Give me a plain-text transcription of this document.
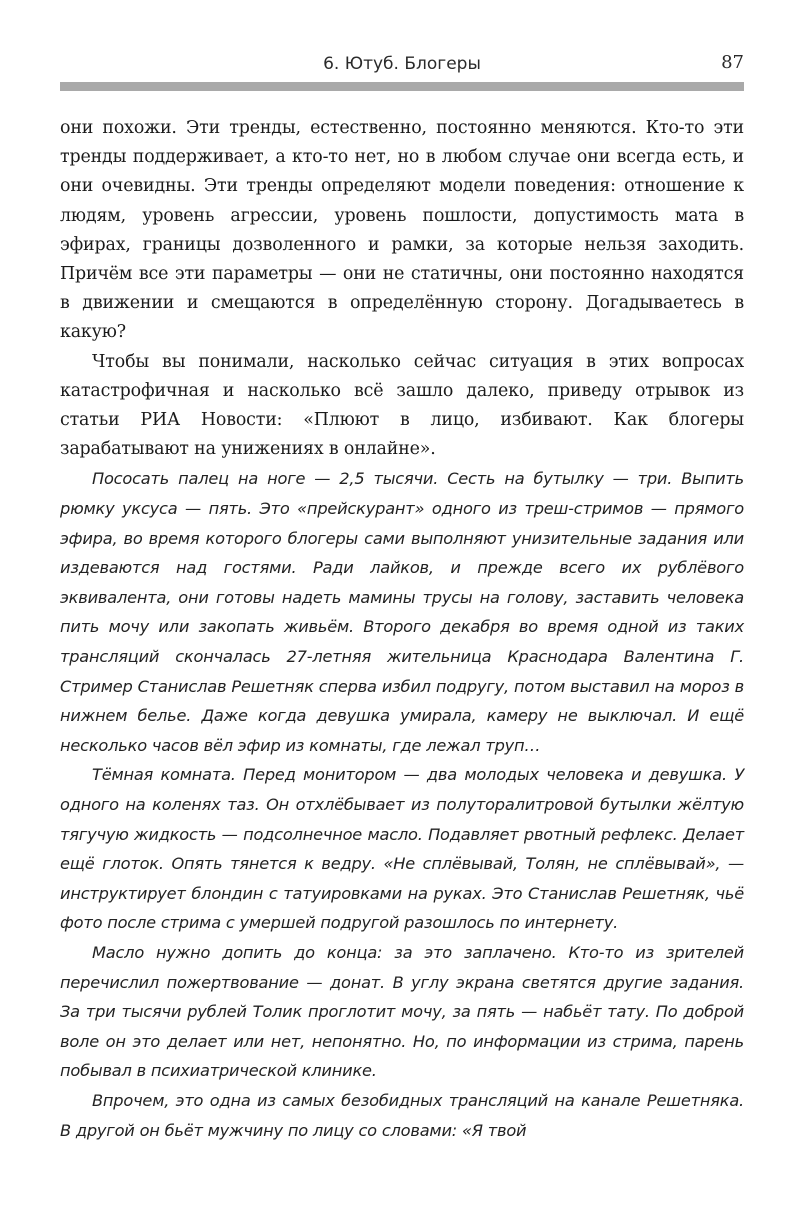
6. Ютуб. Блогеры	87

они похожи. Эти тренды, естественно, постоянно меняются. Кто-то эти тренды поддерживает, а кто-то нет, но в любом случае они всегда есть, и они очевидны. Эти тренды определяют модели поведения: отношение к людям, уровень агрессии, уровень пошлости, допустимость мата в эфирах, границы дозволенного и рамки, за которые нельзя заходить. Причём все эти параметры — они не статичны, они постоянно находятся в движении и смещаются в определённую сторону. Догадываетесь в какую?

Чтобы вы понимали, насколько сейчас ситуация в этих вопросах катастрофичная и насколько всё зашло далеко, приведу отрывок из статьи РИА Новости: «Плюют в лицо, избивают. Как блогеры зарабатывают на унижениях в онлайне».

Пососать палец на ноге — 2,5 тысячи. Сесть на бутылку — три. Выпить рюмку уксуса — пять. Это «прейскурант» одного из треш-стримов — прямого эфира, во время которого блогеры сами выполняют унизительные задания или издеваются над гостями. Ради лайков, и прежде всего их рублёвого эквивалента, они готовы надеть мамины трусы на голову, заставить человека пить мочу или закопать живьём. Второго декабря во время одной из таких трансляций скончалась 27-летняя жительница Краснодара Валентина Г. Стример Станислав Решетняк сперва избил подругу, потом выставил на мороз в нижнем белье. Даже когда девушка умирала, камеру не выключал. И ещё несколько часов вёл эфир из комнаты, где лежал труп…

Тёмная комната. Перед монитором — два молодых человека и девушка. У одного на коленях таз. Он отхлёбывает из полуторалитровой бутылки жёлтую тягучую жидкость — подсолнечное масло. Подавляет рвотный рефлекс. Делает ещё глоток. Опять тянется к ведру. «Не сплёвывай, Толян, не сплёвывай», — инструктирует блондин с татуировками на руках. Это Станислав Решетняк, чьё фото после стрима с умершей подругой разошлось по интернету.

Масло нужно допить до конца: за это заплачено. Кто-то из зрителей перечислил пожертвование — донат. В углу экрана светятся другие задания. За три тысячи рублей Толик проглотит мочу, за пять — набьёт тату. По доброй воле он это делает или нет, непонятно. Но, по информации из стрима, парень побывал в психиатрической клинике.

Впрочем, это одна из самых безобидных трансляций на канале Решетняка. В другой он бьёт мужчину по лицу со словами: «Я твой
